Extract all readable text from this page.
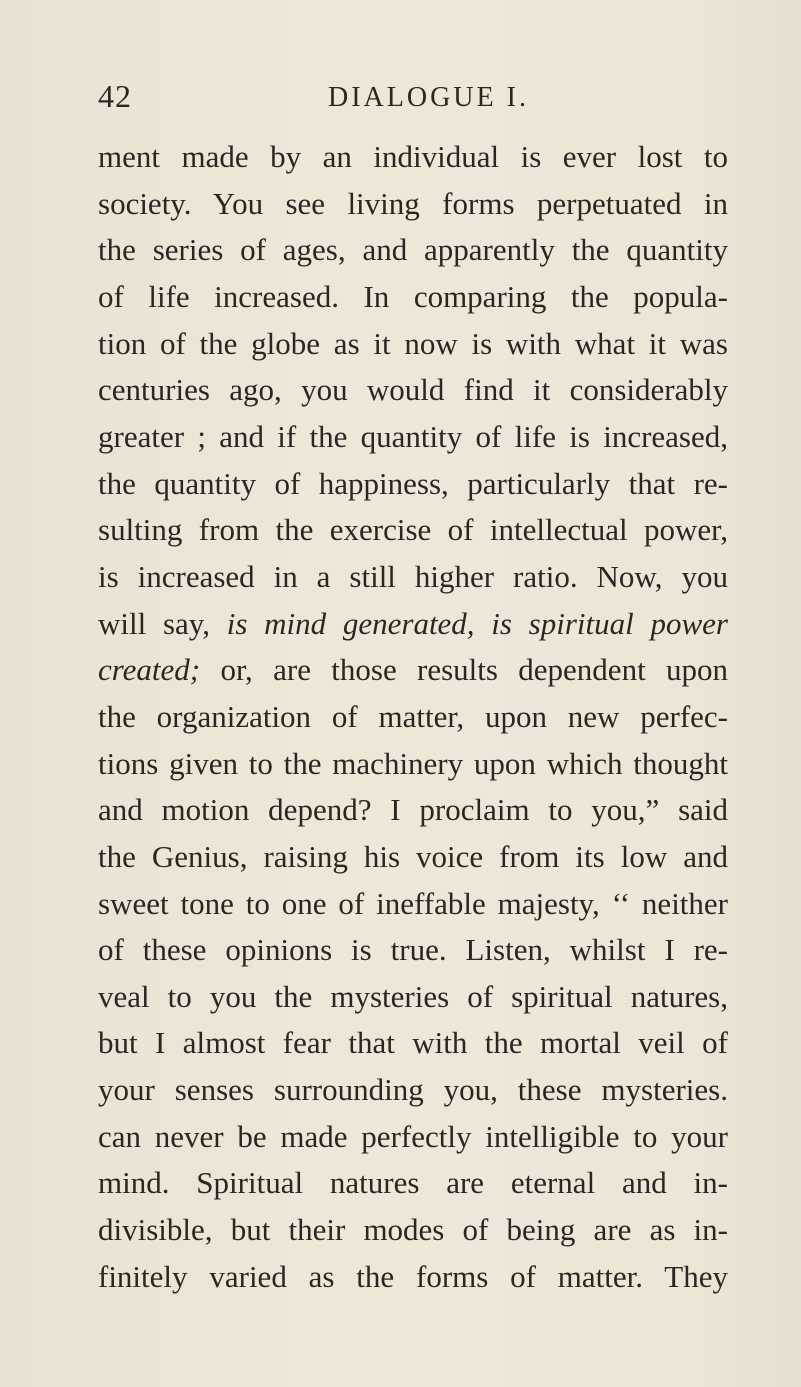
42	DIALOGUE I.
ment made by an individual is ever lost to
society. You see living forms perpetuated in
the series of ages, and apparently the quantity
of life increased. In comparing the popula-
tion of the globe as it now is with what it was
centuries ago, you would find it considerably
greater ; and if the quantity of life is increased,
the quantity of happiness, particularly that re-
sulting from the exercise of intellectual power,
is increased in a still higher ratio. Now, you
will say, is mind generated, is spiritual power
created; or, are those results dependent upon
the organization of matter, upon new perfec-
tions given to the machinery upon which thought
and motion depend? I proclaim to you,” said
the Genius, raising his voice from its low and
sweet tone to one of ineffable majesty, ‘‘ neither
of these opinions is true. Listen, whilst I re-
veal to you the mysteries of spiritual natures,
but I almost fear that with the mortal veil of
your senses surrounding you, these mysteries.
can never be made perfectly intelligible to your
mind. Spiritual natures are eternal and in-
divisible, but their modes of being are as in-
finitely varied as the forms of matter. They
